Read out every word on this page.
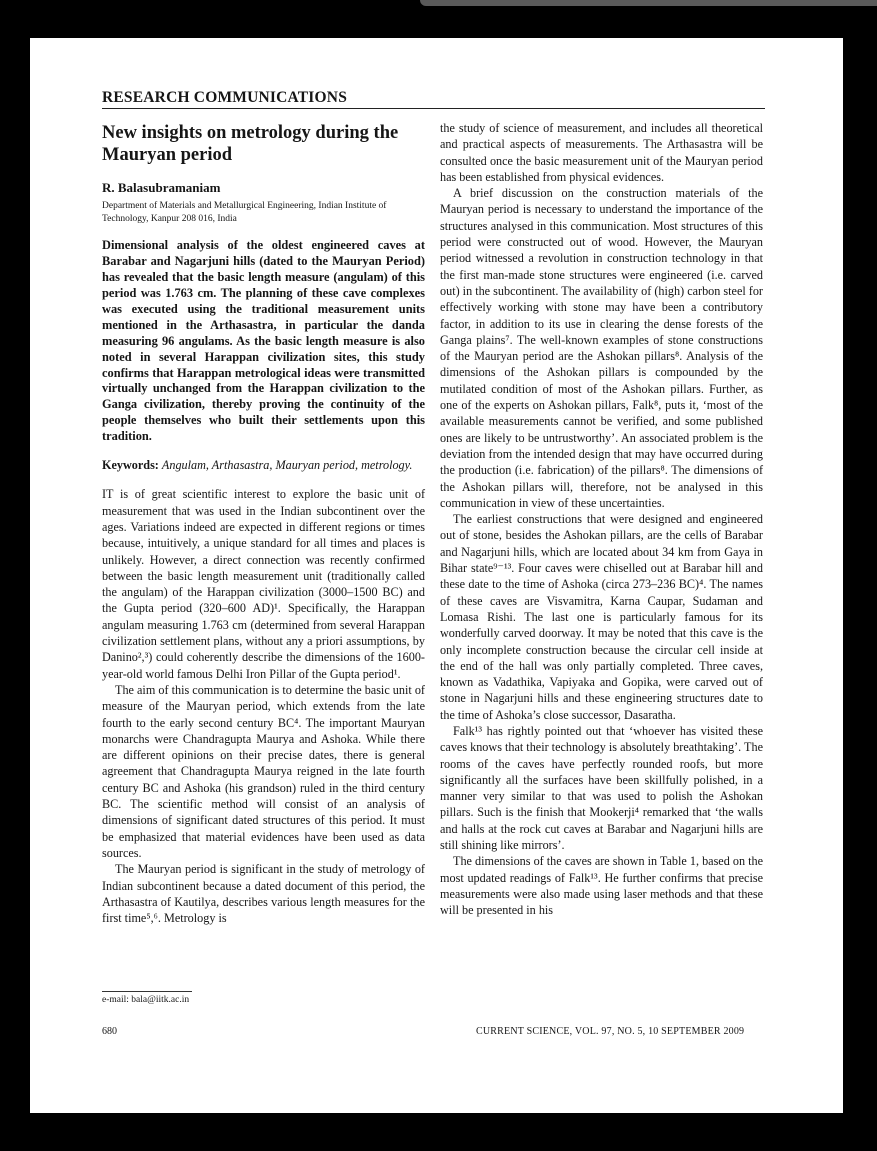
RESEARCH COMMUNICATIONS
New insights on metrology during the Mauryan period

R. Balasubramaniam

Department of Materials and Metallurgical Engineering, Indian Institute of Technology, Kanpur 208 016, India

Dimensional analysis of the oldest engineered caves at Barabar and Nagarjuni hills (dated to the Mauryan Period) has revealed that the basic length measure (angulam) of this period was 1.763 cm. The planning of these cave complexes was executed using the traditional measurement units mentioned in the Arthasastra, in particular the danda measuring 96 angulams. As the basic length measure is also noted in several Harappan civilization sites, this study confirms that Harappan metrological ideas were transmitted virtually unchanged from the Harappan civilization to the Ganga civilization, thereby proving the continuity of the people themselves who built their settlements upon this tradition.

Keywords: Angulam, Arthasastra, Mauryan period, metrology.

IT is of great scientific interest to explore the basic unit of measurement that was used in the Indian subcontinent over the ages. Variations indeed are expected in different regions or times because, intuitively, a unique standard for all times and places is unlikely. However, a direct connection was recently confirmed between the basic length measurement unit (traditionally called the angulam) of the Harappan civilization (3000–1500 BC) and the Gupta period (320–600 AD)¹. Specifically, the Harappan angulam measuring 1.763 cm (determined from several Harappan civilization settlement plans, without any a priori assumptions, by Danino²,³) could coherently describe the dimensions of the 1600-year-old world famous Delhi Iron Pillar of the Gupta period¹.

The aim of this communication is to determine the basic unit of measure of the Mauryan period, which extends from the late fourth to the early second century BC⁴. The important Mauryan monarchs were Chandragupta Maurya and Ashoka. While there are different opinions on their precise dates, there is general agreement that Chandragupta Maurya reigned in the late fourth century BC and Ashoka (his grandson) ruled in the third century BC. The scientific method will consist of an analysis of dimensions of significant dated structures of this period. It must be emphasized that material evidences have been used as data sources.

The Mauryan period is significant in the study of metrology of Indian subcontinent because a dated document of this period, the Arthasastra of Kautilya, describes various length measures for the first time⁵,⁶. Metrology is

the study of science of measurement, and includes all theoretical and practical aspects of measurements. The Arthasastra will be consulted once the basic measurement unit of the Mauryan period has been established from physical evidences.

A brief discussion on the construction materials of the Mauryan period is necessary to understand the importance of the structures analysed in this communication. Most structures of this period were constructed out of wood. However, the Mauryan period witnessed a revolution in construction technology in that the first man-made stone structures were engineered (i.e. carved out) in the subcontinent. The availability of (high) carbon steel for effectively working with stone may have been a contributory factor, in addition to its use in clearing the dense forests of the Ganga plains⁷. The well-known examples of stone constructions of the Mauryan period are the Ashokan pillars⁸. Analysis of the dimensions of the Ashokan pillars is compounded by the mutilated condition of most of the Ashokan pillars. Further, as one of the experts on Ashokan pillars, Falk⁸, puts it, ‘most of the available measurements cannot be verified, and some published ones are likely to be untrustworthy’. An associated problem is the deviation from the intended design that may have occurred during the production (i.e. fabrication) of the pillars⁸. The dimensions of the Ashokan pillars will, therefore, not be analysed in this communication in view of these uncertainties.

The earliest constructions that were designed and engineered out of stone, besides the Ashokan pillars, are the cells of Barabar and Nagarjuni hills, which are located about 34 km from Gaya in Bihar state⁹⁻¹³. Four caves were chiselled out at Barabar hill and these date to the time of Ashoka (circa 273–236 BC)⁴. The names of these caves are Visvamitra, Karna Caupar, Sudaman and Lomasa Rishi. The last one is particularly famous for its wonderfully carved doorway. It may be noted that this cave is the only incomplete construction because the circular cell inside at the end of the hall was only partially completed. Three caves, known as Vadathika, Vapiyaka and Gopika, were carved out of stone in Nagarjuni hills and these engineering structures date to the time of Ashoka’s close successor, Dasaratha.

Falk¹³ has rightly pointed out that ‘whoever has visited these caves knows that their technology is absolutely breathtaking’. The rooms of the caves have perfectly rounded roofs, but more significantly all the surfaces have been skillfully polished, in a manner very similar to that was used to polish the Ashokan pillars. Such is the finish that Mookerji⁴ remarked that ‘the walls and halls at the rock cut caves at Barabar and Nagarjuni hills are still shining like mirrors’.

The dimensions of the caves are shown in Table 1, based on the most updated readings of Falk¹³. He further confirms that precise measurements were also made using laser methods and that these will be presented in his

e-mail: bala@iitk.ac.in
680	CURRENT SCIENCE, VOL. 97, NO. 5, 10 SEPTEMBER 2009
